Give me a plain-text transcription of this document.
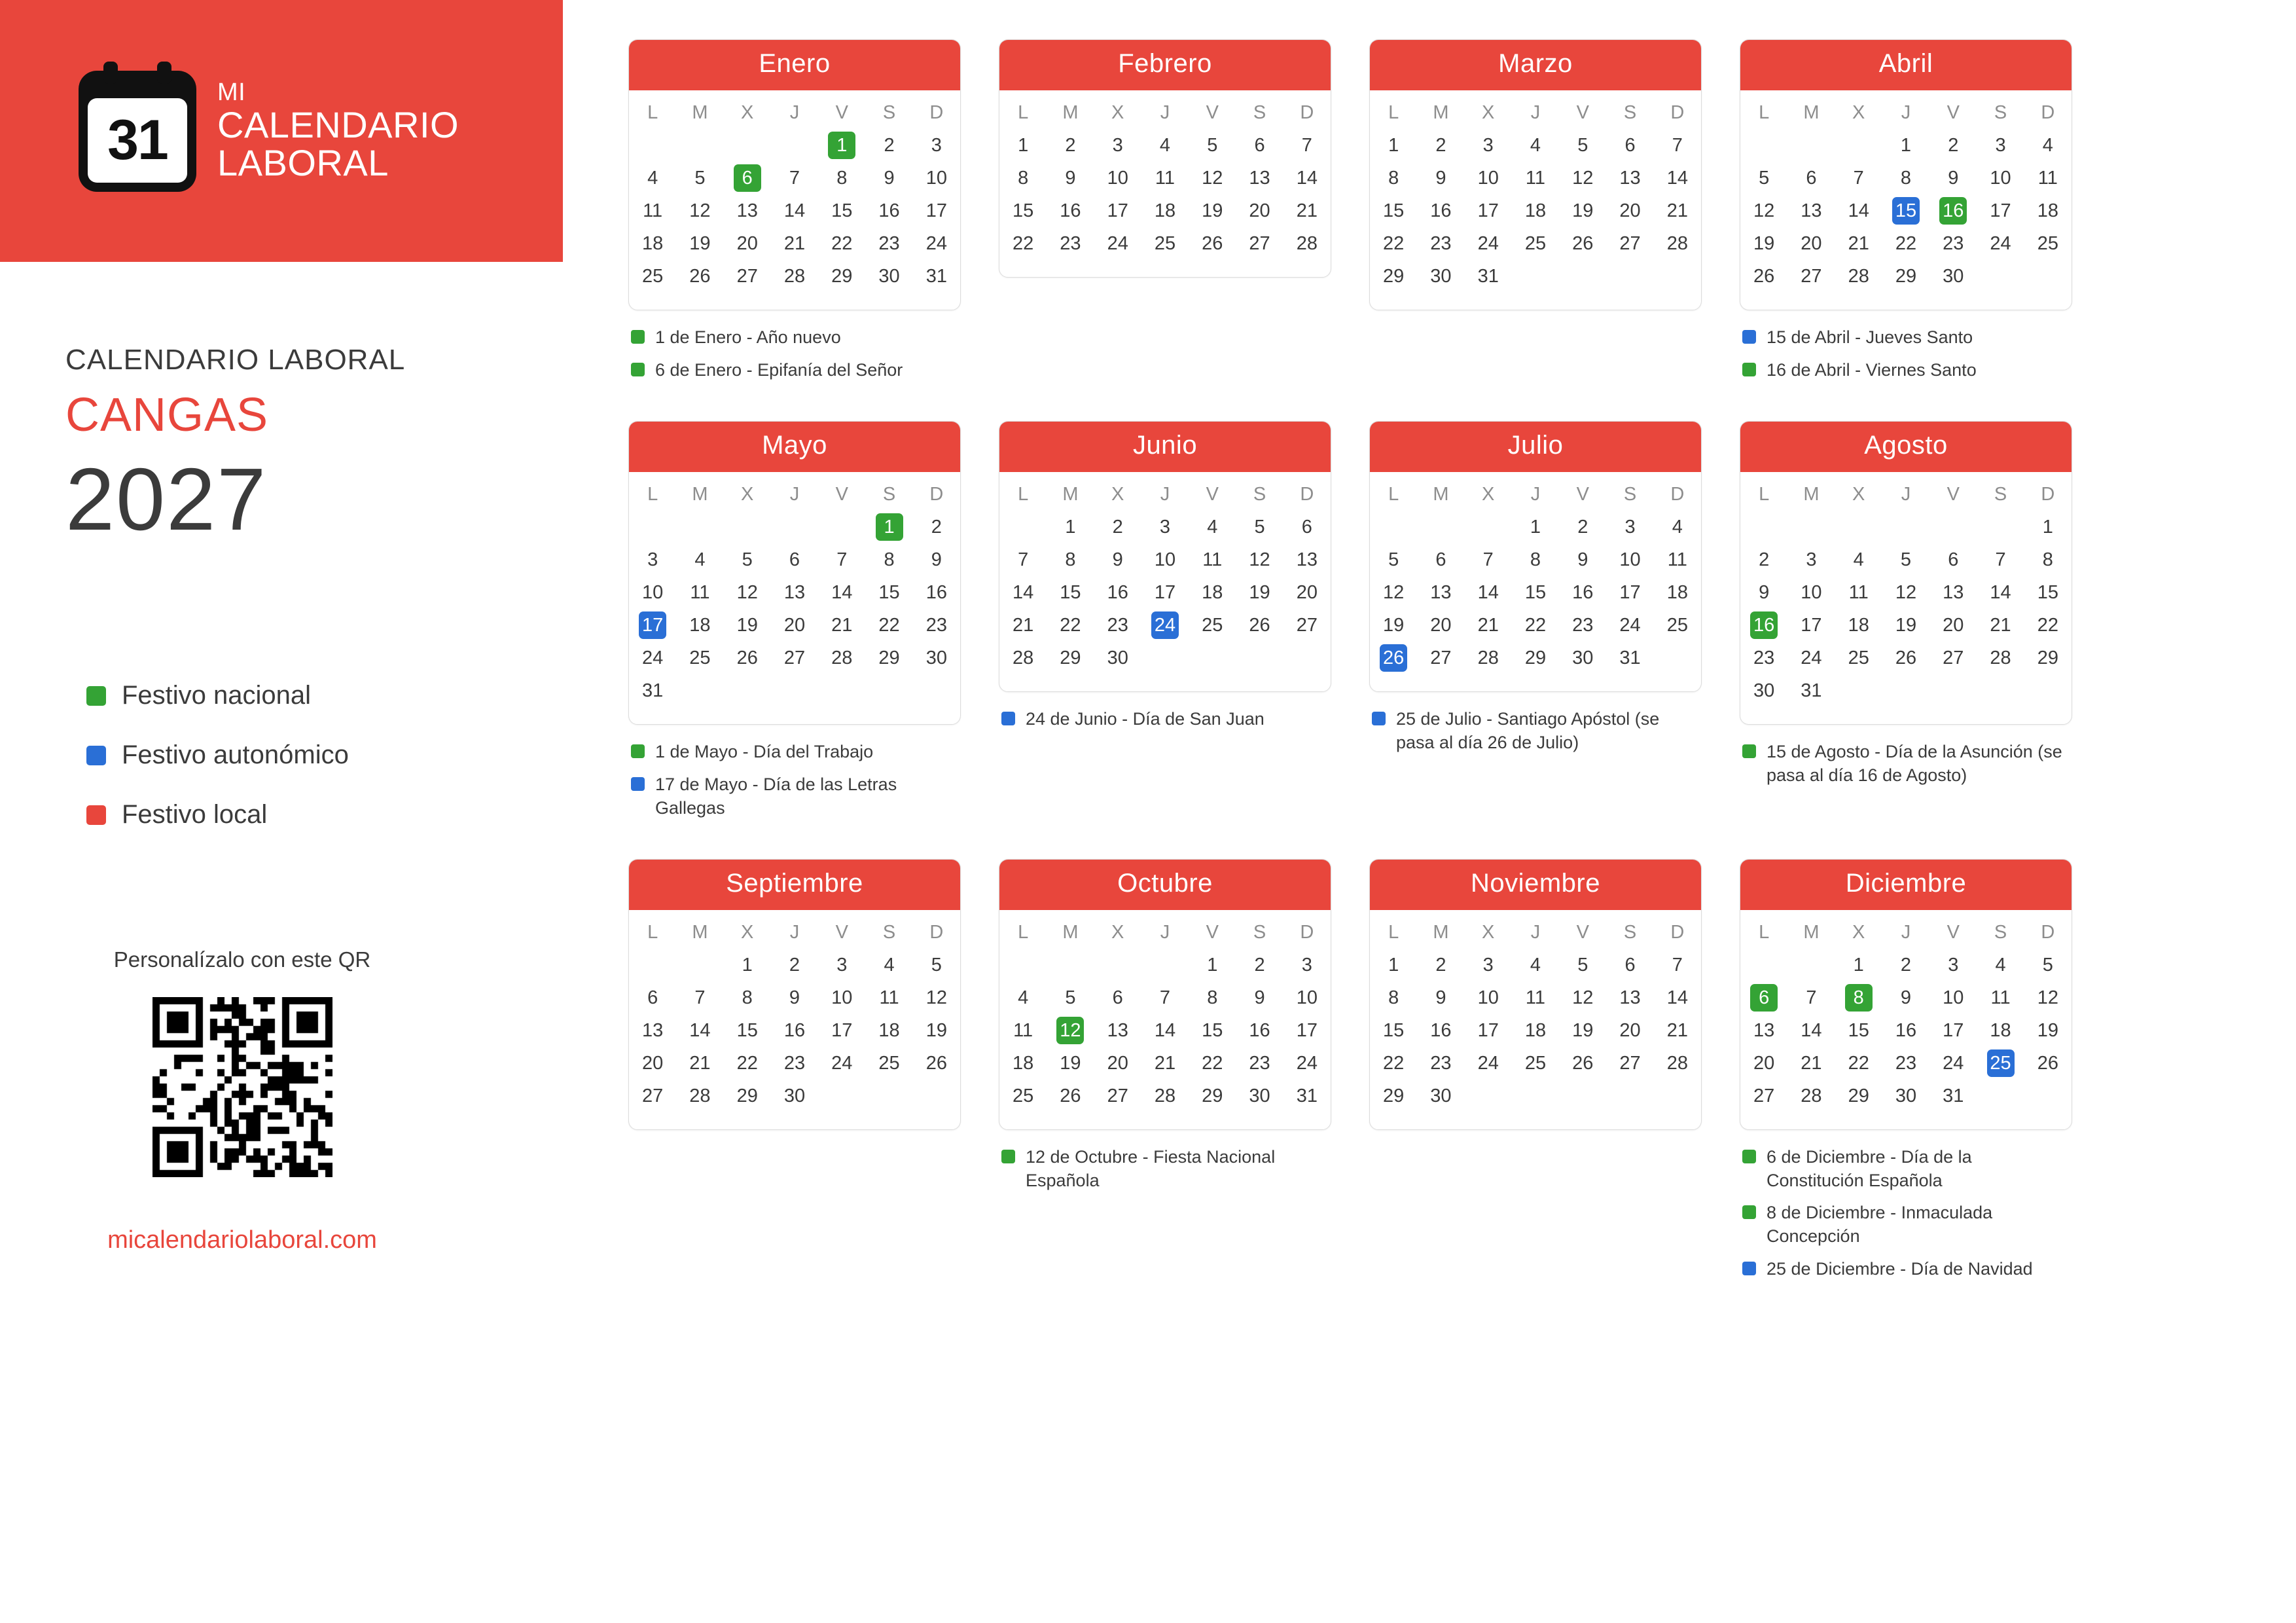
31
MI
CALENDARIO
LABORAL
CALENDARIO LABORAL
CANGAS
2027
Festivo nacional
Festivo autonómico
Festivo local
Personalízalo con este QR
micalendariolaboral.com
Enero
L	M	X	J	V	S	D
				1	2	3
4	5	6	7	8	9	10
11	12	13	14	15	16	17
18	19	20	21	22	23	24
25	26	27	28	29	30	31
1 de Enero - Año nuevo
6 de Enero - Epifanía del Señor
Febrero
L	M	X	J	V	S	D
1	2	3	4	5	6	7
8	9	10	11	12	13	14
15	16	17	18	19	20	21
22	23	24	25	26	27	28
Marzo
L	M	X	J	V	S	D
1	2	3	4	5	6	7
8	9	10	11	12	13	14
15	16	17	18	19	20	21
22	23	24	25	26	27	28
29	30	31				
Abril
L	M	X	J	V	S	D
			1	2	3	4
5	6	7	8	9	10	11
12	13	14	15	16	17	18
19	20	21	22	23	24	25
26	27	28	29	30		
15 de Abril - Jueves Santo
16 de Abril - Viernes Santo
Mayo
L	M	X	J	V	S	D
					1	2
3	4	5	6	7	8	9
10	11	12	13	14	15	16
17	18	19	20	21	22	23
24	25	26	27	28	29	30
31						
1 de Mayo - Día del Trabajo
17 de Mayo - Día de las Letras Gallegas
Junio
L	M	X	J	V	S	D
	1	2	3	4	5	6
7	8	9	10	11	12	13
14	15	16	17	18	19	20
21	22	23	24	25	26	27
28	29	30				
24 de Junio - Día de San Juan
Julio
L	M	X	J	V	S	D
			1	2	3	4
5	6	7	8	9	10	11
12	13	14	15	16	17	18
19	20	21	22	23	24	25
26	27	28	29	30	31	
25 de Julio - Santiago Apóstol (se pasa al día 26 de Julio)
Agosto
L	M	X	J	V	S	D
						1
2	3	4	5	6	7	8
9	10	11	12	13	14	15
16	17	18	19	20	21	22
23	24	25	26	27	28	29
30	31					
15 de Agosto - Día de la Asunción (se pasa al día 16 de Agosto)
Septiembre
L	M	X	J	V	S	D
		1	2	3	4	5
6	7	8	9	10	11	12
13	14	15	16	17	18	19
20	21	22	23	24	25	26
27	28	29	30			
Octubre
L	M	X	J	V	S	D
				1	2	3
4	5	6	7	8	9	10
11	12	13	14	15	16	17
18	19	20	21	22	23	24
25	26	27	28	29	30	31
12 de Octubre - Fiesta Nacional Española
Noviembre
L	M	X	J	V	S	D
1	2	3	4	5	6	7
8	9	10	11	12	13	14
15	16	17	18	19	20	21
22	23	24	25	26	27	28
29	30					
Diciembre
L	M	X	J	V	S	D
		1	2	3	4	5
6	7	8	9	10	11	12
13	14	15	16	17	18	19
20	21	22	23	24	25	26
27	28	29	30	31		
6 de Diciembre - Día de la Constitución Española
8 de Diciembre - Inmaculada Concepción
25 de Diciembre - Día de Navidad
